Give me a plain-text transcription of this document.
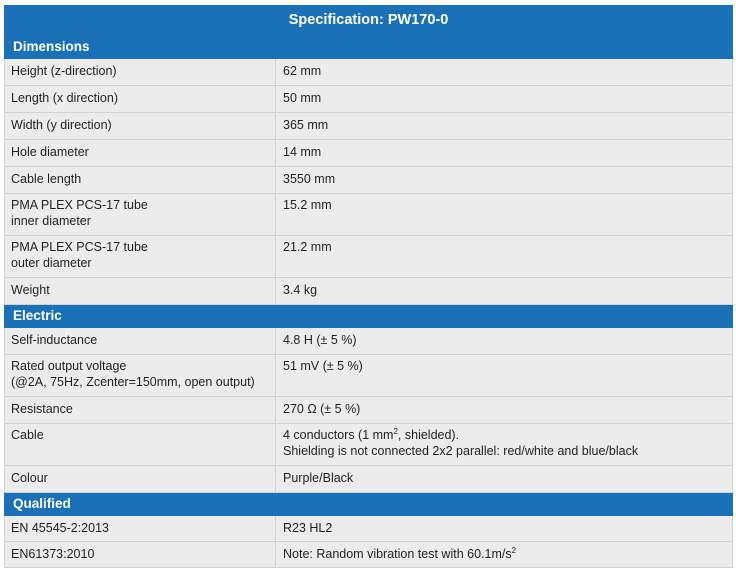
Specification: PW170-0	
Dimensions	
Height (z-direction)	62 mm
Length (x direction)	50 mm
Width (y direction)	365 mm
Hole diameter	14 mm
Cable length	3550 mm

PMA PLEX PCS-17 tube
inner diameter	15.2 mm

PMA PLEX PCS-17 tube
outer diameter	21.2 mm
Weight	3.4 kg
Electric	
Self-inductance	4.8 H (± 5 %)

Rated output voltage
(@2A, 75Hz, Zcenter=150mm, open output)	51 mV (± 5 %)
Resistance	270 Ω (± 5 %)
Cable	4 conductors (1 $mm^2$, shielded).
Shielding is not connected 2x2 parallel: red/white and blue/black

Colour	Purple/Black
Qualified	
EN 45545-2:2013	R23 HL2
EN61373:2010	Note: Random vibration test with $60.1m/s^2$
